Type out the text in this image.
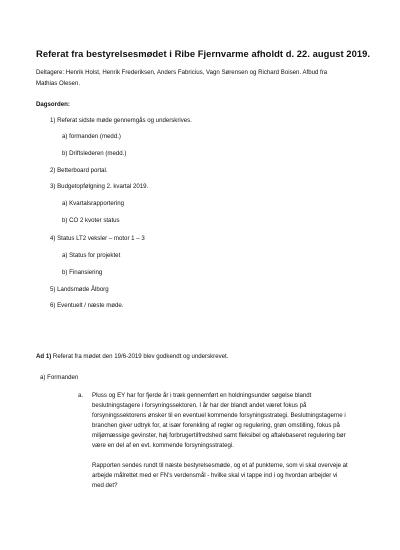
Referat fra bestyrelsesmødet i Ribe Fjernvarme afholdt d. 22. august 2019.
Deltagere: Henrik Holst, Henrik Frederiksen, Anders Fabricius, Vagn Sørensen og Richard Boisen. Afbud fra
Mathias Olesen.
Dagsorden:
1) Referat sidste møde gennemgås og underskrives.
a) formanden (medd.)
b) Driftslederen (medd.)
2) Betterboard portal.
3) Budgetopfølgning 2. kvartal 2019.
a) Kvartalsrapportering
b) CO 2 kvoter status
4) Status LT2 veksler – motor 1 – 3
a) Status for projektet
b) Finansiering
5) Landsmøde Ålborg
6) Eventuelt / næste møde.
Ad 1) Referat fra mødet den 19/6-2019 blev godkendt og underskrevet.
a) Formanden
a. Pluss og EY har for fjerde år i træk gennemført en holdningsunder søgelse blandt
beslutningstagere i forsyningssektoren. I år har der blandt andet været fokus på
forsyningssektorens ønsker til en eventuel kommende forsyningsstrategi. Beslutningstagerne i
branchen giver udtryk for, at især forenkling af regler og regulering, grøn omstilling, fokus på
miljømæssige gevinster, høj forbrugertilfredshed samt fleksibel og aftalebaseret regulering bør
være en del af en evt. kommende forsyningsstrategi.
Rapporten sendes rundt til næste bestyrelsesmøde, og et af punkterne, som vi skal overveje at
arbejde målrettet med er FN's verdensmål - hvilke skal vi tappe ind i og hvordan arbejder vi
med det?
